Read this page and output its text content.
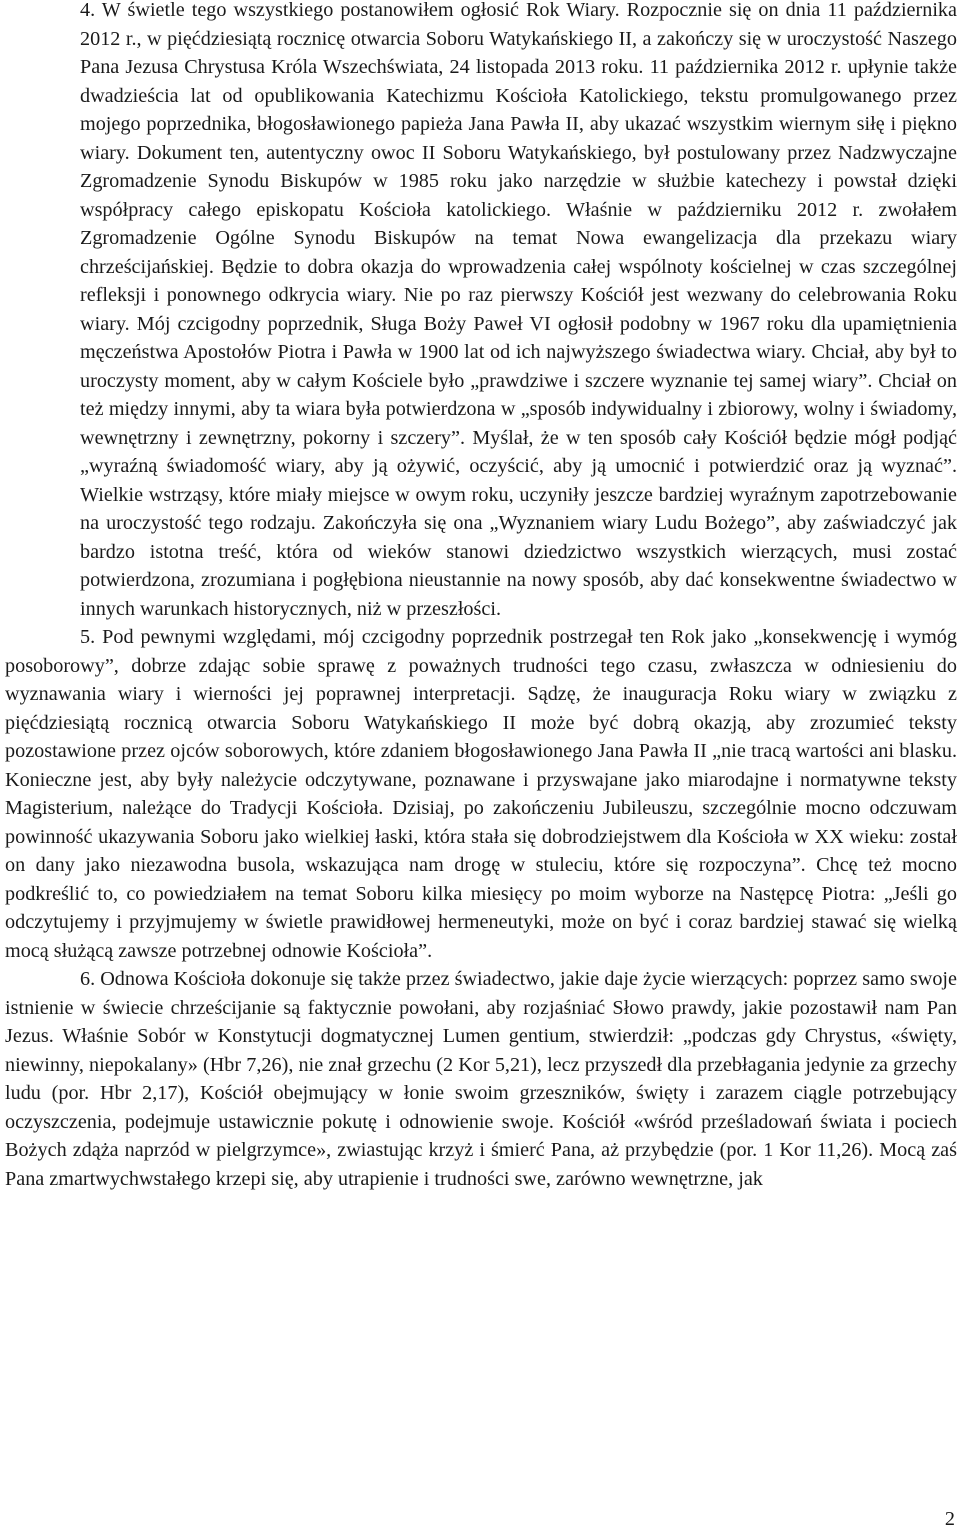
4. W świetle tego wszystkiego postanowiłem ogłosić Rok Wiary. Rozpocznie się on dnia 11 października 2012 r., w pięćdziesiątą rocznicę otwarcia Soboru Watykańskiego II, a zakończy się w uroczystość Naszego Pana Jezusa Chrystusa Króla Wszechświata, 24 listopada 2013 roku. 11 października 2012 r. upłynie także dwadzieścia lat od opublikowania Katechizmu Kościoła Katolickiego, tekstu promulgowanego przez mojego poprzednika, błogosławionego papieża Jana Pawła II, aby ukazać wszystkim wiernym siłę i piękno wiary. Dokument ten, autentyczny owoc II Soboru Watykańskiego, był postulowany przez Nadzwyczajne Zgromadzenie Synodu Biskupów w 1985 roku jako narzędzie w służbie katechezy i powstał dzięki współpracy całego episkopatu Kościoła katolickiego. Właśnie w październiku 2012 r. zwołałem Zgromadzenie Ogólne Synodu Biskupów na temat Nowa ewangelizacja dla przekazu wiary chrześcijańskiej. Będzie to dobra okazja do wprowadzenia całej wspólnoty kościelnej w czas szczególnej refleksji i ponownego odkrycia wiary. Nie po raz pierwszy Kościół jest wezwany do celebrowania Roku wiary. Mój czcigodny poprzednik, Sługa Boży Paweł VI ogłosił podobny w 1967 roku dla upamiętnienia męczeństwa Apostołów Piotra i Pawła w 1900 lat od ich najwyższego świadectwa wiary. Chciał, aby był to uroczysty moment, aby w całym Kościele było „prawdziwe i szczere wyznanie tej samej wiary”. Chciał on też między innymi, aby ta wiara była potwierdzona w „sposób indywidualny i zbiorowy, wolny i świadomy, wewnętrzny i zewnętrzny, pokorny i szczery”. Myślał, że w ten sposób cały Kościół będzie mógł podjąć „wyraźną świadomość wiary, aby ją ożywić, oczyścić, aby ją umocnić i potwierdzić oraz ją wyznać”. Wielkie wstrząsy, które miały miejsce w owym roku, uczyniły jeszcze bardziej wyraźnym zapotrzebowanie na uroczystość tego rodzaju. Zakończyła się ona „Wyznaniem wiary Ludu Bożego”, aby zaświadczyć jak bardzo istotna treść, która od wieków stanowi dziedzictwo wszystkich wierzących, musi zostać potwierdzona, zrozumiana i pogłębiona nieustannie na nowy sposób, aby dać konsekwentne świadectwo w innych warunkach historycznych, niż w przeszłości.

5. Pod pewnymi względami, mój czcigodny poprzednik postrzegał ten Rok jako „konsekwencję i wymóg posoborowy”, dobrze zdając sobie sprawę z poważnych trudności tego czasu, zwłaszcza w odniesieniu do wyznawania wiary i wierności jej poprawnej interpretacji. Sądzę, że inauguracja Roku wiary w związku z pięćdziesiątą rocznicą otwarcia Soboru Watykańskiego II może być dobrą okazją, aby zrozumieć teksty pozostawione przez ojców soborowych, które zdaniem błogosławionego Jana Pawła II „nie tracą wartości ani blasku. Konieczne jest, aby były należycie odczytywane, poznawane i przyswajane jako miarodajne i normatywne teksty Magisterium, należące do Tradycji Kościoła. Dzisiaj, po zakończeniu Jubileuszu, szczególnie mocno odczuwam powinność ukazywania Soboru jako wielkiej łaski, która stała się dobrodziejstwem dla Kościoła w XX wieku: został on dany jako niezawodna busola, wskazująca nam drogę w stuleciu, które się rozpoczyna”. Chcę też mocno podkreślić to, co powiedziałem na temat Soboru kilka miesięcy po moim wyborze na Następcę Piotra: „Jeśli go odczytujemy i przyjmujemy w świetle prawidłowej hermeneutyki, może on być i coraz bardziej stawać się wielką mocą służącą zawsze potrzebnej odnowie Kościoła”.

6. Odnowa Kościoła dokonuje się także przez świadectwo, jakie daje życie wierzących: poprzez samo swoje istnienie w świecie chrześcijanie są faktycznie powołani, aby rozjaśniać Słowo prawdy, jakie pozostawił nam Pan Jezus. Właśnie Sobór w Konstytucji dogmatycznej Lumen gentium, stwierdził: „podczas gdy Chrystus, «święty, niewinny, niepokalany» (Hbr 7,26), nie znał grzechu (2 Kor 5,21), lecz przyszedł dla przebłagania jedynie za grzechy ludu (por. Hbr 2,17), Kościół obejmujący w łonie swoim grzeszników, święty i zarazem ciągle potrzebujący oczyszczenia, podejmuje ustawicznie pokutę i odnowienie swoje. Kościół «wśród prześladowań świata i pociech Bożych zdąża naprzód w pielgrzymce», zwiastując krzyż i śmierć Pana, aż przybędzie (por. 1 Kor 11,26). Mocą zaś Pana zmartwychwstałego krzepi się, aby utrapienie i trudności swe, zarówno wewnętrzne, jak

2
